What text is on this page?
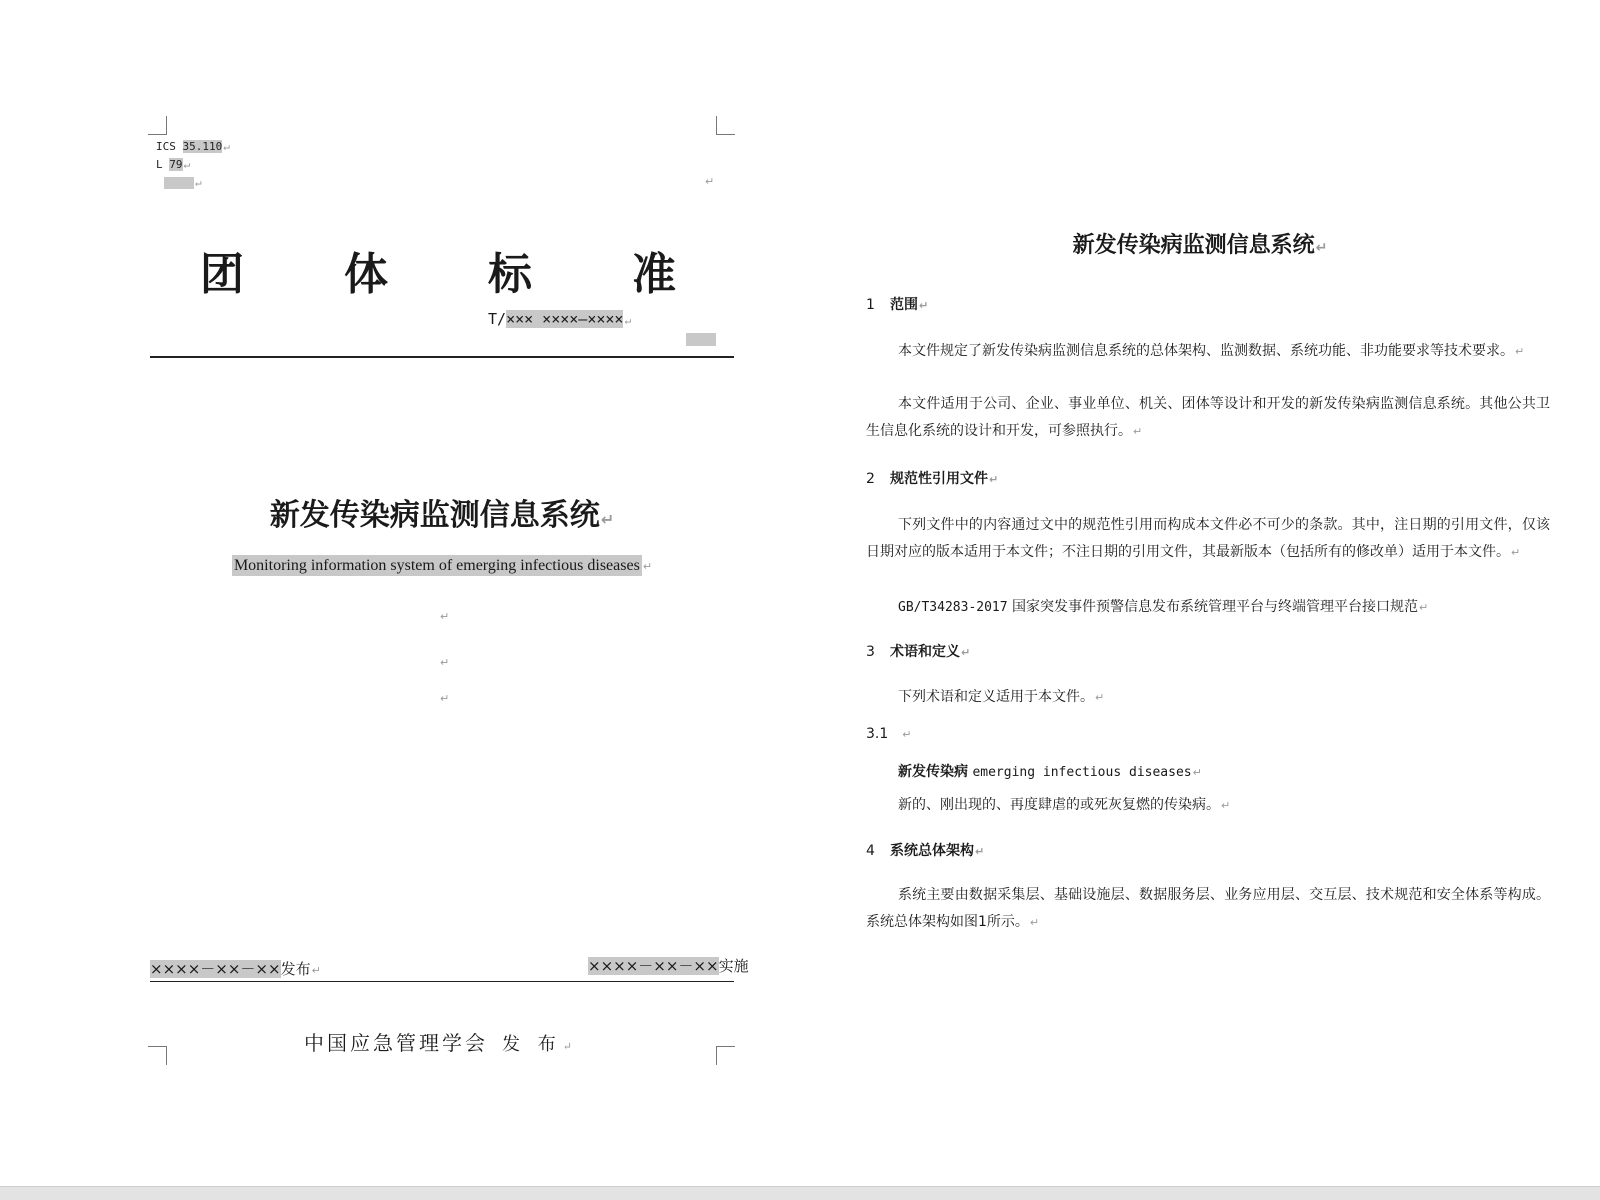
ICS 35.110↵
L 79↵
↵	↵
团 体 标 准
T/××× ××××—××××↵
新发传染病监测信息系统↵
Monitoring information system of emerging infectious diseases ↵
↵
↵
↵
××××－××－××发布↵	××××－××－××实施
中国应急管理学会 发 布↵
新发传染病监测信息系统↵
1 范围↵
本文件规定了新发传染病监测信息系统的总体架构、监测数据、系统功能、非功能要求等技术要求。↵
本文件适用于公司、企业、事业单位、机关、团体等设计和开发的新发传染病监测信息系统。其他公共卫生信息化系统的设计和开发，可参照执行。↵
2 规范性引用文件↵
下列文件中的内容通过文中的规范性引用而构成本文件必不可少的条款。其中，注日期的引用文件，仅该日期对应的版本适用于本文件；不注日期的引用文件，其最新版本（包括所有的修改单）适用于本文件。↵
GB/T34283-2017 国家突发事件预警信息发布系统管理平台与终端管理平台接口规范↵
3 术语和定义↵
下列术语和定义适用于本文件。↵
3.1 ↵
新发传染病 emerging infectious diseases↵
新的、刚出现的、再度肆虐的或死灰复燃的传染病。↵
4 系统总体架构↵
系统主要由数据采集层、基础设施层、数据服务层、业务应用层、交互层、技术规范和安全体系等构成。系统总体架构如图1所示。↵
